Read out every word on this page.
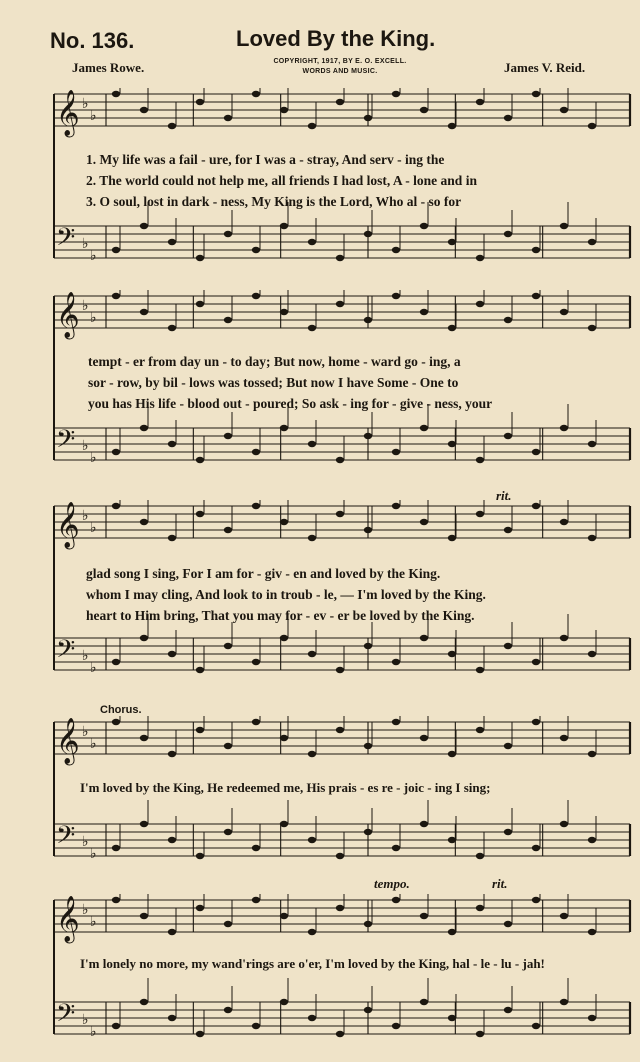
No. 136.	Loved By the King.
James Rowe.	James V. Reid.
COPYRIGHT, 1917, BY E. O. EXCELL.
WORDS AND MUSIC.
𝄞 ♭
♭
𝄢 ♭
♭
1. My life was a fail - ure, for I was a - stray, And serv - ing the
2. The world could not help me, all friends I had lost, A - lone and in
3. O soul, lost in dark - ness, My King is the Lord, Who al - so for
𝄞 ♭
♭
𝄢 ♭
♭
tempt - er from day un - to day; But now, home - ward go - ing, a
sor - row, by bil - lows was tossed; But now I have Some - One to
you has His life - blood out - poured; So ask - ing for - give - ness, your
rit.
𝄞 ♭
♭
𝄢 ♭
♭
glad song I sing, For I am for - giv - en and loved by the King.
whom I may cling, And look to in troub - le, — I'm loved by the King.
heart to Him bring, That you may for - ev - er be loved by the King.
Chorus.
𝄞 ♭
♭
𝄢 ♭
♭
I'm loved by the King, He redeemed me, His prais - es re - joic - ing I sing;
tempo.	rit.
𝄞 ♭
♭
𝄢 ♭
♭
I'm lonely no more, my wand'rings are o'er, I'm loved by the King, hal - le - lu - jah!
